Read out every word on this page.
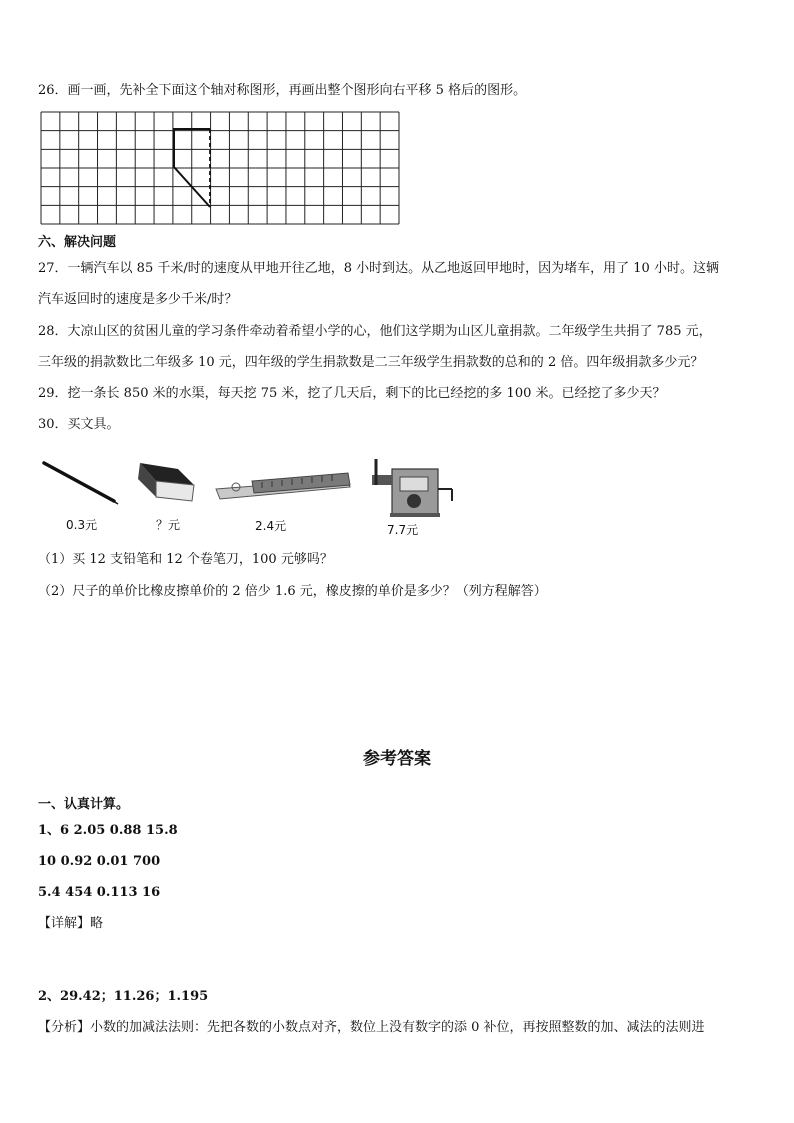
26．画一画，先补全下面这个轴对称图形，再画出整个图形向右平移 5 格后的图形。
六、解决问题
27．一辆汽车以 85 千米/时的速度从甲地开往乙地，8 小时到达。从乙地返回甲地时，因为堵车，用了 10 小时。这辆
汽车返回时的速度是多少千米/时？
28．大凉山区的贫困儿童的学习条件牵动着希望小学的心，他们这学期为山区儿童捐款。二年级学生共捐了 785 元，
三年级的捐款数比二年级多 10 元，四年级的学生捐款数是二三年级学生捐款数的总和的 2 倍。四年级捐款多少元？
29．挖一条长 850 米的水渠，每天挖 75 米，挖了几天后，剩下的比已经挖的多 100 米。已经挖了多少天？
30．买文具。
0.3元	？元	2.4元	7.7元
（1）买 12 支铅笔和 12 个卷笔刀，100 元够吗？
（2）尺子的单价比橡皮擦单价的 2 倍少 1.6 元，橡皮擦的单价是多少？（列方程解答）
参考答案
一、认真计算。
1、6 2.05 0.88 15.8
10 0.92 0.01 700
5.4 454 0.113 16
【详解】略
2、29.42；11.26；1.195
【分析】小数的加减法法则：先把各数的小数点对齐，数位上没有数字的添 0 补位，再按照整数的加、减法的法则进
